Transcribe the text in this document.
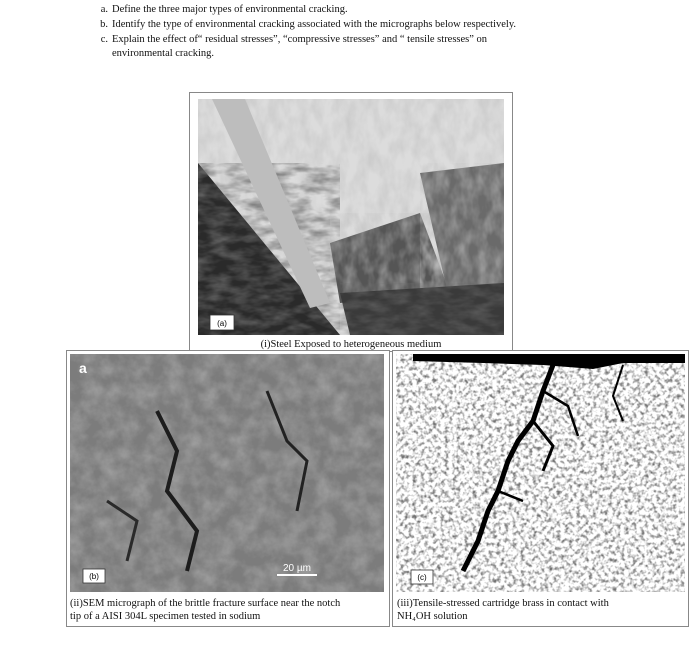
a. Define the three major types of environmental cracking.
b. Identify the type of environmental cracking associated with the micrographs below respectively.
c. Explain the effect of“ residual stresses”, “compressive stresses” and “ tensile stresses” on
environmental cracking.
(a)
(i)Steel Exposed to heterogeneous medium
a
(b)
20 µm
(ii)SEM micrograph of the brittle fracture surface near the notch
tip of a AISI 304L specimen tested in sodium
(c)
(iii)Tensile-stressed cartridge brass in contact with
NH₄OH solution
